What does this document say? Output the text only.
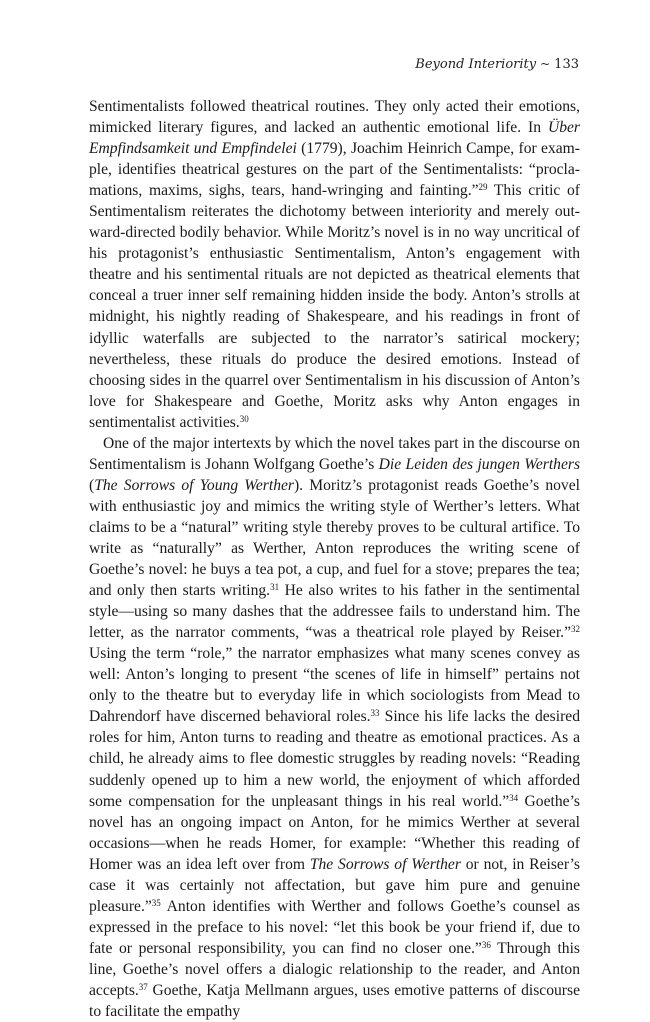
Beyond Interiority ~ 133

Sentimentalists followed theatrical routines. They only acted their emotions, mimicked literary figures, and lacked an authentic emotional life. In Über Empfindsamkeit und Empfindelei (1779), Joachim Heinrich Campe, for example, identifies theatrical gestures on the part of the Sentimentalists: “proclamations, maxims, sighs, tears, hand-wringing and fainting.”$^{29}$ This critic of Sentimentalism reiterates the dichotomy between interiority and merely outward-directed bodily behavior. While Moritz’s novel is in no way uncritical of his protagonist’s enthusiastic Sentimentalism, Anton’s engagement with theatre and his sentimental rituals are not depicted as theatrical elements that conceal a truer inner self remaining hidden inside the body. Anton’s strolls at midnight, his nightly reading of Shakespeare, and his readings in front of idyllic waterfalls are subjected to the narrator’s satirical mockery; nevertheless, these rituals do produce the desired emotions. Instead of choosing sides in the quarrel over Sentimentalism in his discussion of Anton’s love for Shakespeare and Goethe, Moritz asks why Anton engages in sentimentalist activities.$^{30}$

One of the major intertexts by which the novel takes part in the discourse on Sentimentalism is Johann Wolfgang Goethe’s Die Leiden des jungen Werthers (The Sorrows of Young Werther). Moritz’s protagonist reads Goethe’s novel with enthusiastic joy and mimics the writing style of Werther’s letters. What claims to be a “natural” writing style thereby proves to be cultural artifice. To write as “naturally” as Werther, Anton reproduces the writing scene of Goethe’s novel: he buys a tea pot, a cup, and fuel for a stove; prepares the tea; and only then starts writing.$^{31}$ He also writes to his father in the sentimental style—using so many dashes that the addressee fails to understand him. The letter, as the narrator comments, “was a theatrical role played by Reiser.”$^{32}$ Using the term “role,” the narrator emphasizes what many scenes convey as well: Anton’s longing to present “the scenes of life in himself” pertains not only to the theatre but to everyday life in which sociologists from Mead to Dahrendorf have discerned behavioral roles.$^{33}$ Since his life lacks the desired roles for him, Anton turns to reading and theatre as emotional practices. As a child, he already aims to flee domestic struggles by reading novels: “Reading suddenly opened up to him a new world, the enjoyment of which afforded some compensation for the unpleasant things in his real world.”$^{34}$ Goethe’s novel has an ongoing impact on Anton, for he mimics Werther at several occasions—when he reads Homer, for example: “Whether this reading of Homer was an idea left over from The Sorrows of Werther or not, in Reiser’s case it was certainly not affectation, but gave him pure and genuine pleasure.”$^{35}$ Anton identifies with Werther and follows Goethe’s counsel as expressed in the preface to his novel: “let this book be your friend if, due to fate or personal responsibility, you can find no closer one.”$^{36}$ Through this line, Goethe’s novel offers a dialogic relationship to the reader, and Anton accepts.$^{37}$ Goethe, Katja Mellmann argues, uses emotive patterns of discourse to facilitate the empathy
